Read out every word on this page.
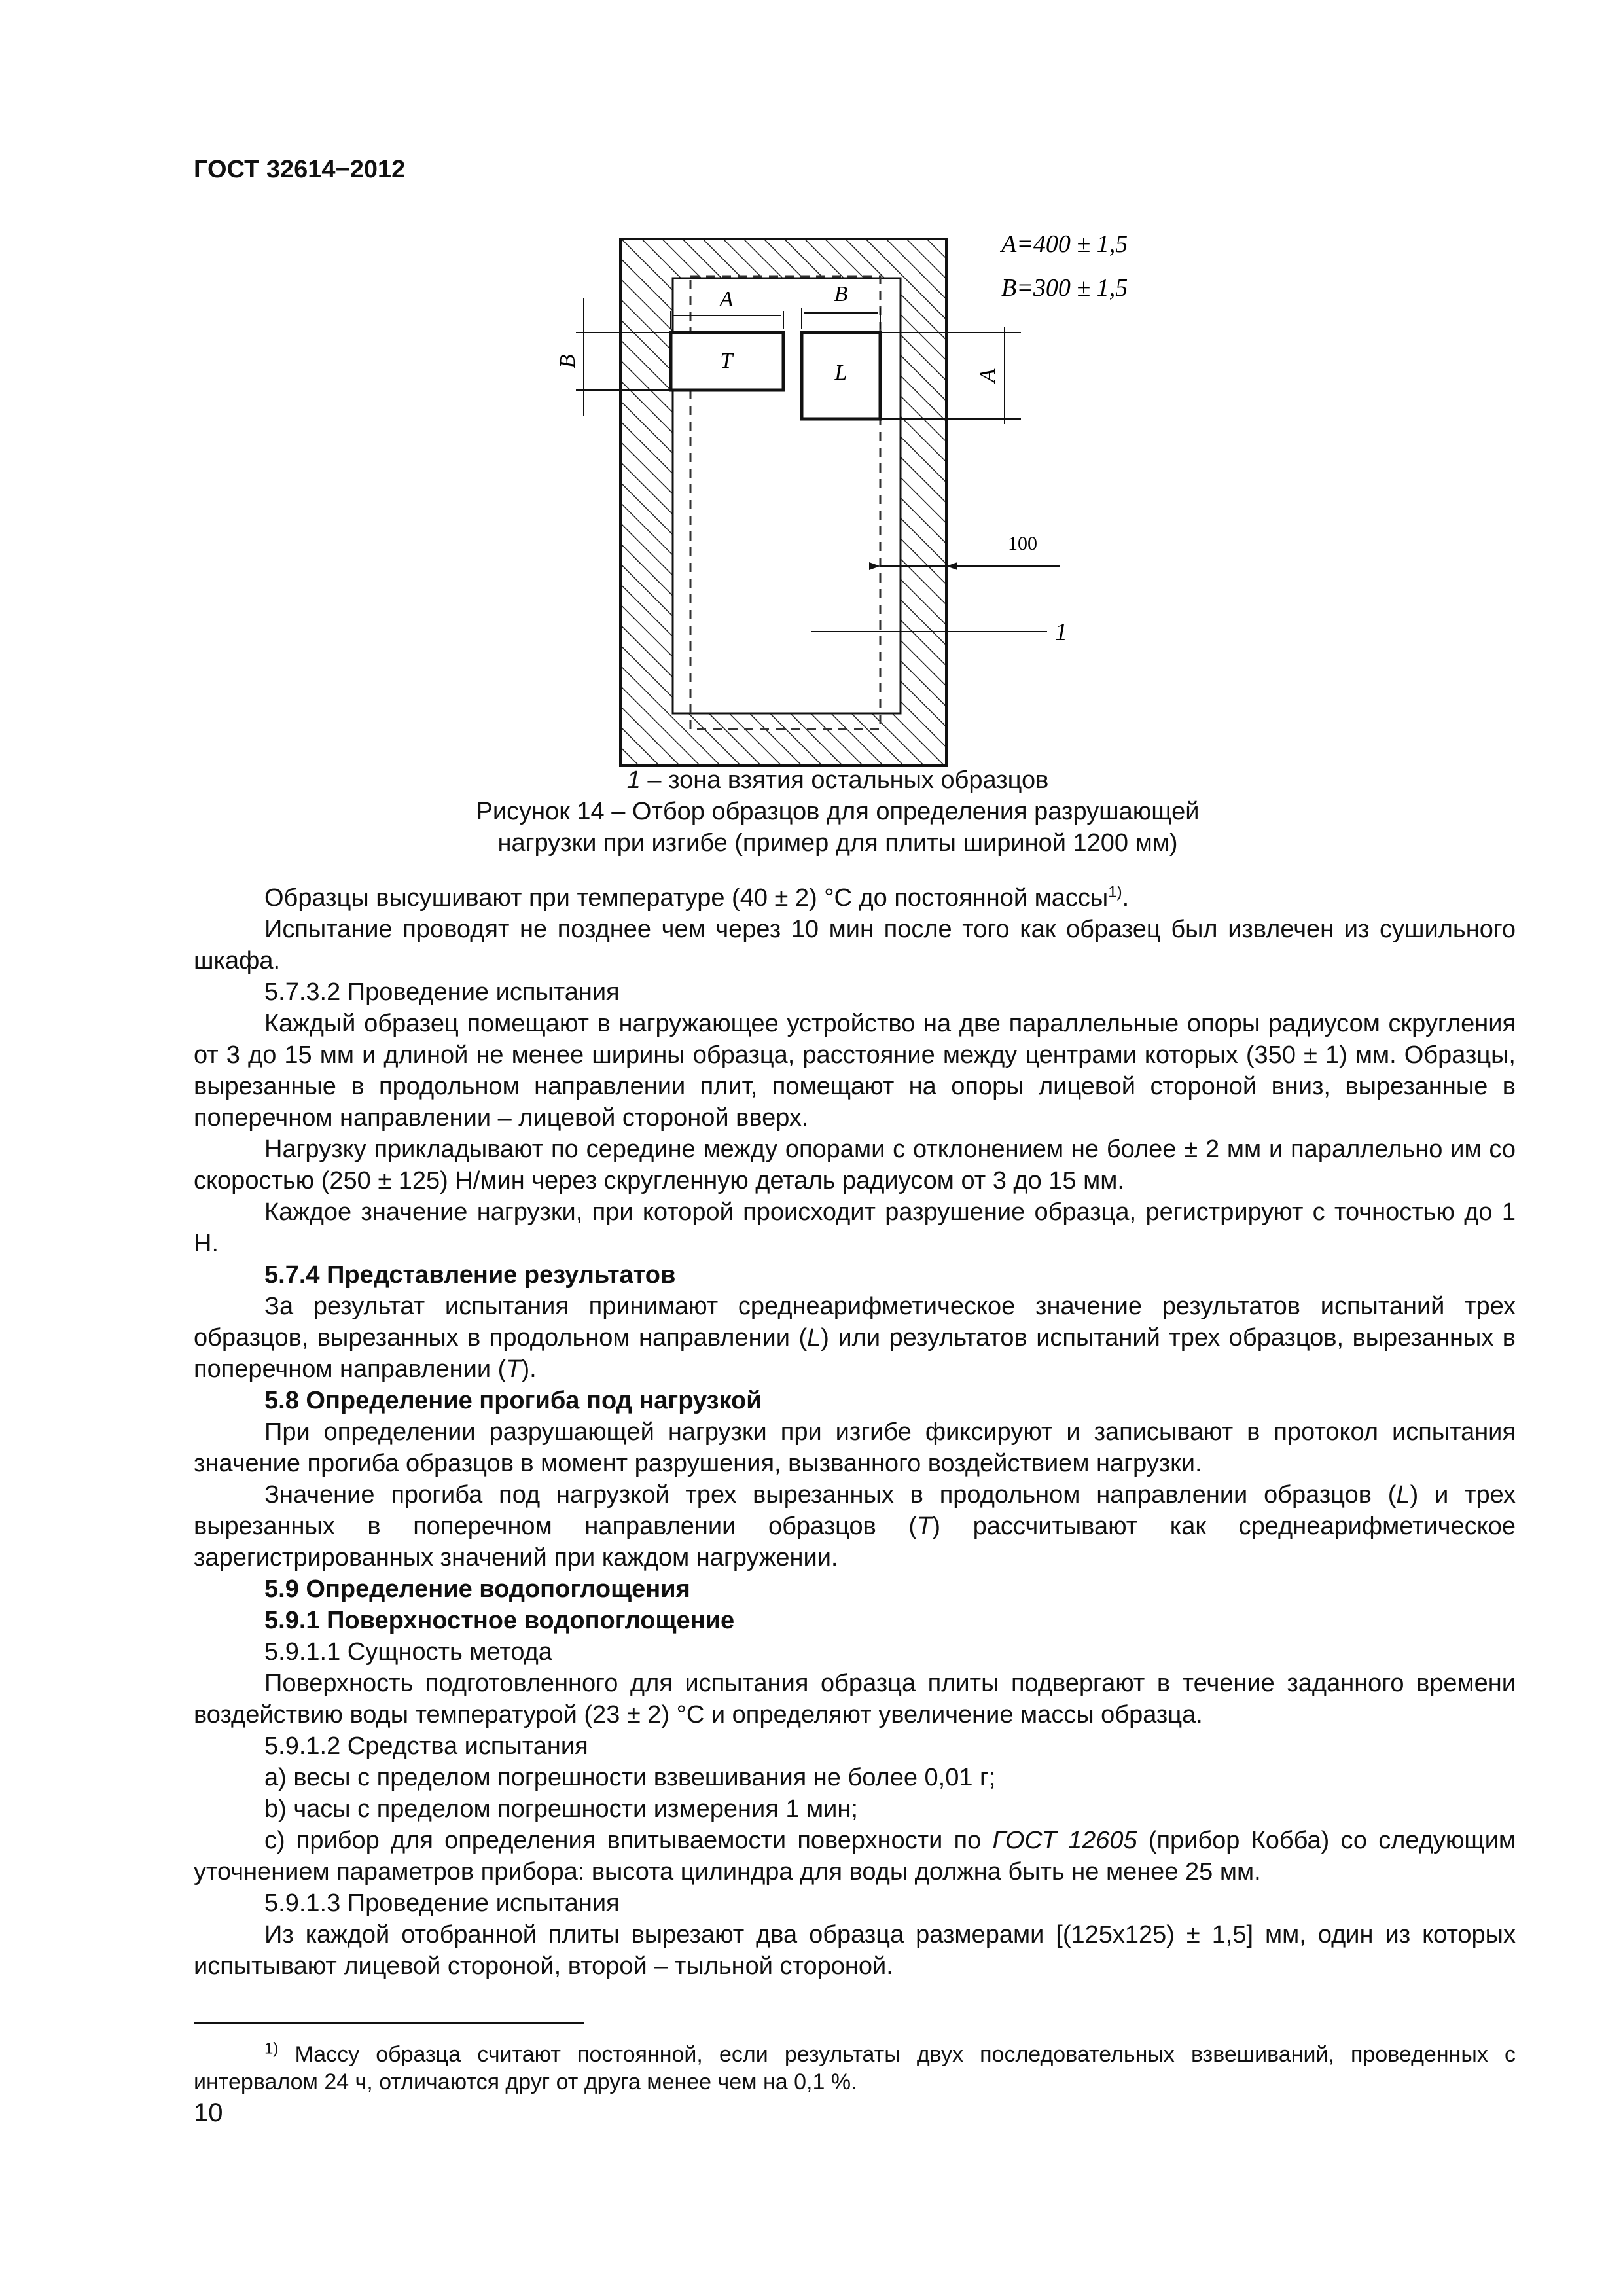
ГОСТ 32614−2012
T	L
A	B
B
A
A=400 ± 1,5
B=300 ± 1,5
100
1
1 – зона взятия остальных образцов
Рисунок 14 – Отбор образцов для определения разрушающей
нагрузки при изгибе (пример для плиты шириной 1200 мм)

Образцы высушивают при температуре (40 ± 2) °С до постоянной массы$^{1)}$.

Испытание проводят не позднее чем через 10 мин после того как образец был извлечен из сушильного шкафа.

5.7.3.2 Проведение испытания

Каждый образец помещают в нагружающее устройство на две параллельные опоры радиусом скругления от 3 до 15 мм и длиной не менее ширины образца, расстояние между центрами которых (350 ± 1) мм. Образцы, вырезанные в продольном направлении плит, помещают на опоры лицевой стороной вниз, вырезанные в поперечном направлении – лицевой стороной вверх.

Нагрузку прикладывают по середине между опорами с отклонением не более ± 2 мм и параллельно им со скоростью (250 ± 125) Н/мин через скругленную деталь радиусом от 3 до 15 мм.

Каждое значение нагрузки, при которой происходит разрушение образца, регистрируют с точностью до 1 Н.

5.7.4 Представление результатов

За результат испытания принимают среднеарифметическое значение результатов испытаний трех образцов, вырезанных в продольном направлении (L) или результатов испытаний трех образцов, вырезанных в поперечном направлении (T).

5.8 Определение прогиба под нагрузкой

При определении разрушающей нагрузки при изгибе фиксируют и записывают в протокол испытания значение прогиба образцов в момент разрушения, вызванного воздействием нагрузки.

Значение прогиба под нагрузкой трех вырезанных в продольном направлении образцов (L) и трех вырезанных в поперечном направлении образцов (T) рассчитывают как среднеарифметическое зарегистрированных значений при каждом нагружении.

5.9 Определение водопоглощения

5.9.1 Поверхностное водопоглощение

5.9.1.1 Сущность метода

Поверхность подготовленного для испытания образца плиты подвергают в течение заданного времени воздействию воды температурой (23 ± 2) °С и определяют увеличение массы образца.

5.9.1.2 Средства испытания

а) весы с пределом погрешности взвешивания не более 0,01 г;

b) часы с пределом погрешности измерения 1 мин;

с) прибор для определения впитываемости поверхности по ГОСТ 12605 (прибор Кобба) со следующим уточнением параметров прибора: высота цилиндра для воды должна быть не менее 25 мм.

5.9.1.3 Проведение испытания

Из каждой отобранной плиты вырезают два образца размерами [(125х125) ± 1,5] мм, один из которых испытывают лицевой стороной, второй – тыльной стороной.

$^{1)}$ Массу образца считают постоянной, если результаты двух последовательных взвешиваний, проведенных с интервалом 24 ч, отличаются друг от друга менее чем на 0,1 %.

10
